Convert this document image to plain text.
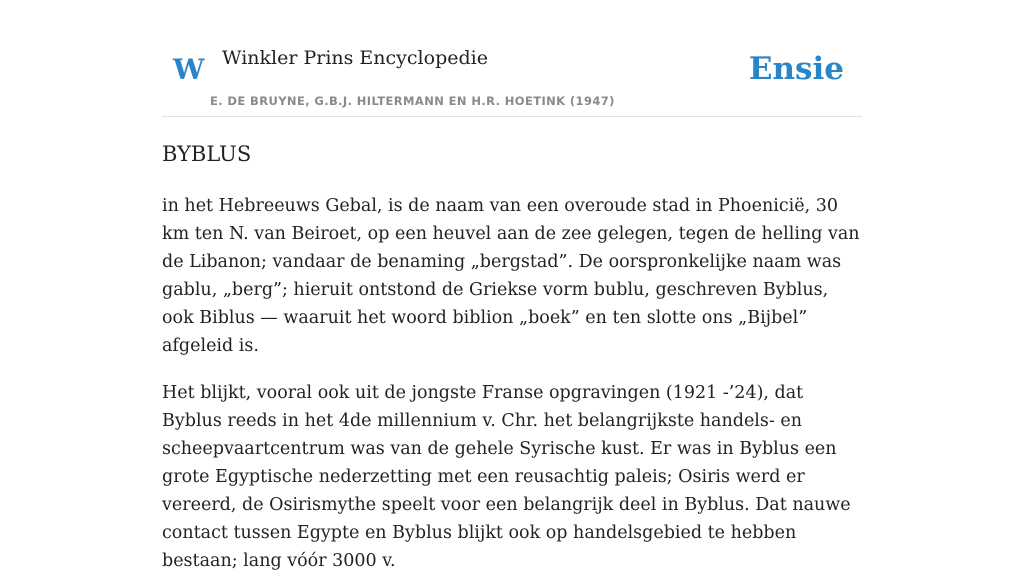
W Winkler Prins Encyclopedie
E. DE BRUYNE, G.B.J. HILTERMANN EN H.R. HOETINK (1947)
Ensie
BYBLUS

in het Hebreeuws Gebal, is de naam van een overoude stad in Phoenicië, 30 km ten N. van Beiroet, op een heuvel aan de zee gelegen, tegen de helling van de Libanon; vandaar de benaming „bergstad”. De oorspronkelijke naam was gablu, „berg”; hieruit ontstond de Griekse vorm bublu, geschreven Byblus, ook Biblus — waaruit het woord biblion „boek” en ten slotte ons „Bijbel” afgeleid is.

Het blijkt, vooral ook uit de jongste Franse opgravingen (1921 -’24), dat Byblus reeds in het 4de millennium v. Chr. het belangrijkste handels- en scheepvaartcentrum was van de gehele Syrische kust. Er was in Byblus een grote Egyptische nederzetting met een reusachtig paleis; Osiris werd er vereerd, de Osirismythe speelt voor een belangrijk deel in Byblus. Dat nauwe contact tussen Egypte en Byblus blijkt ook op handelsgebied te hebben bestaan; lang vóór 3000 v.
